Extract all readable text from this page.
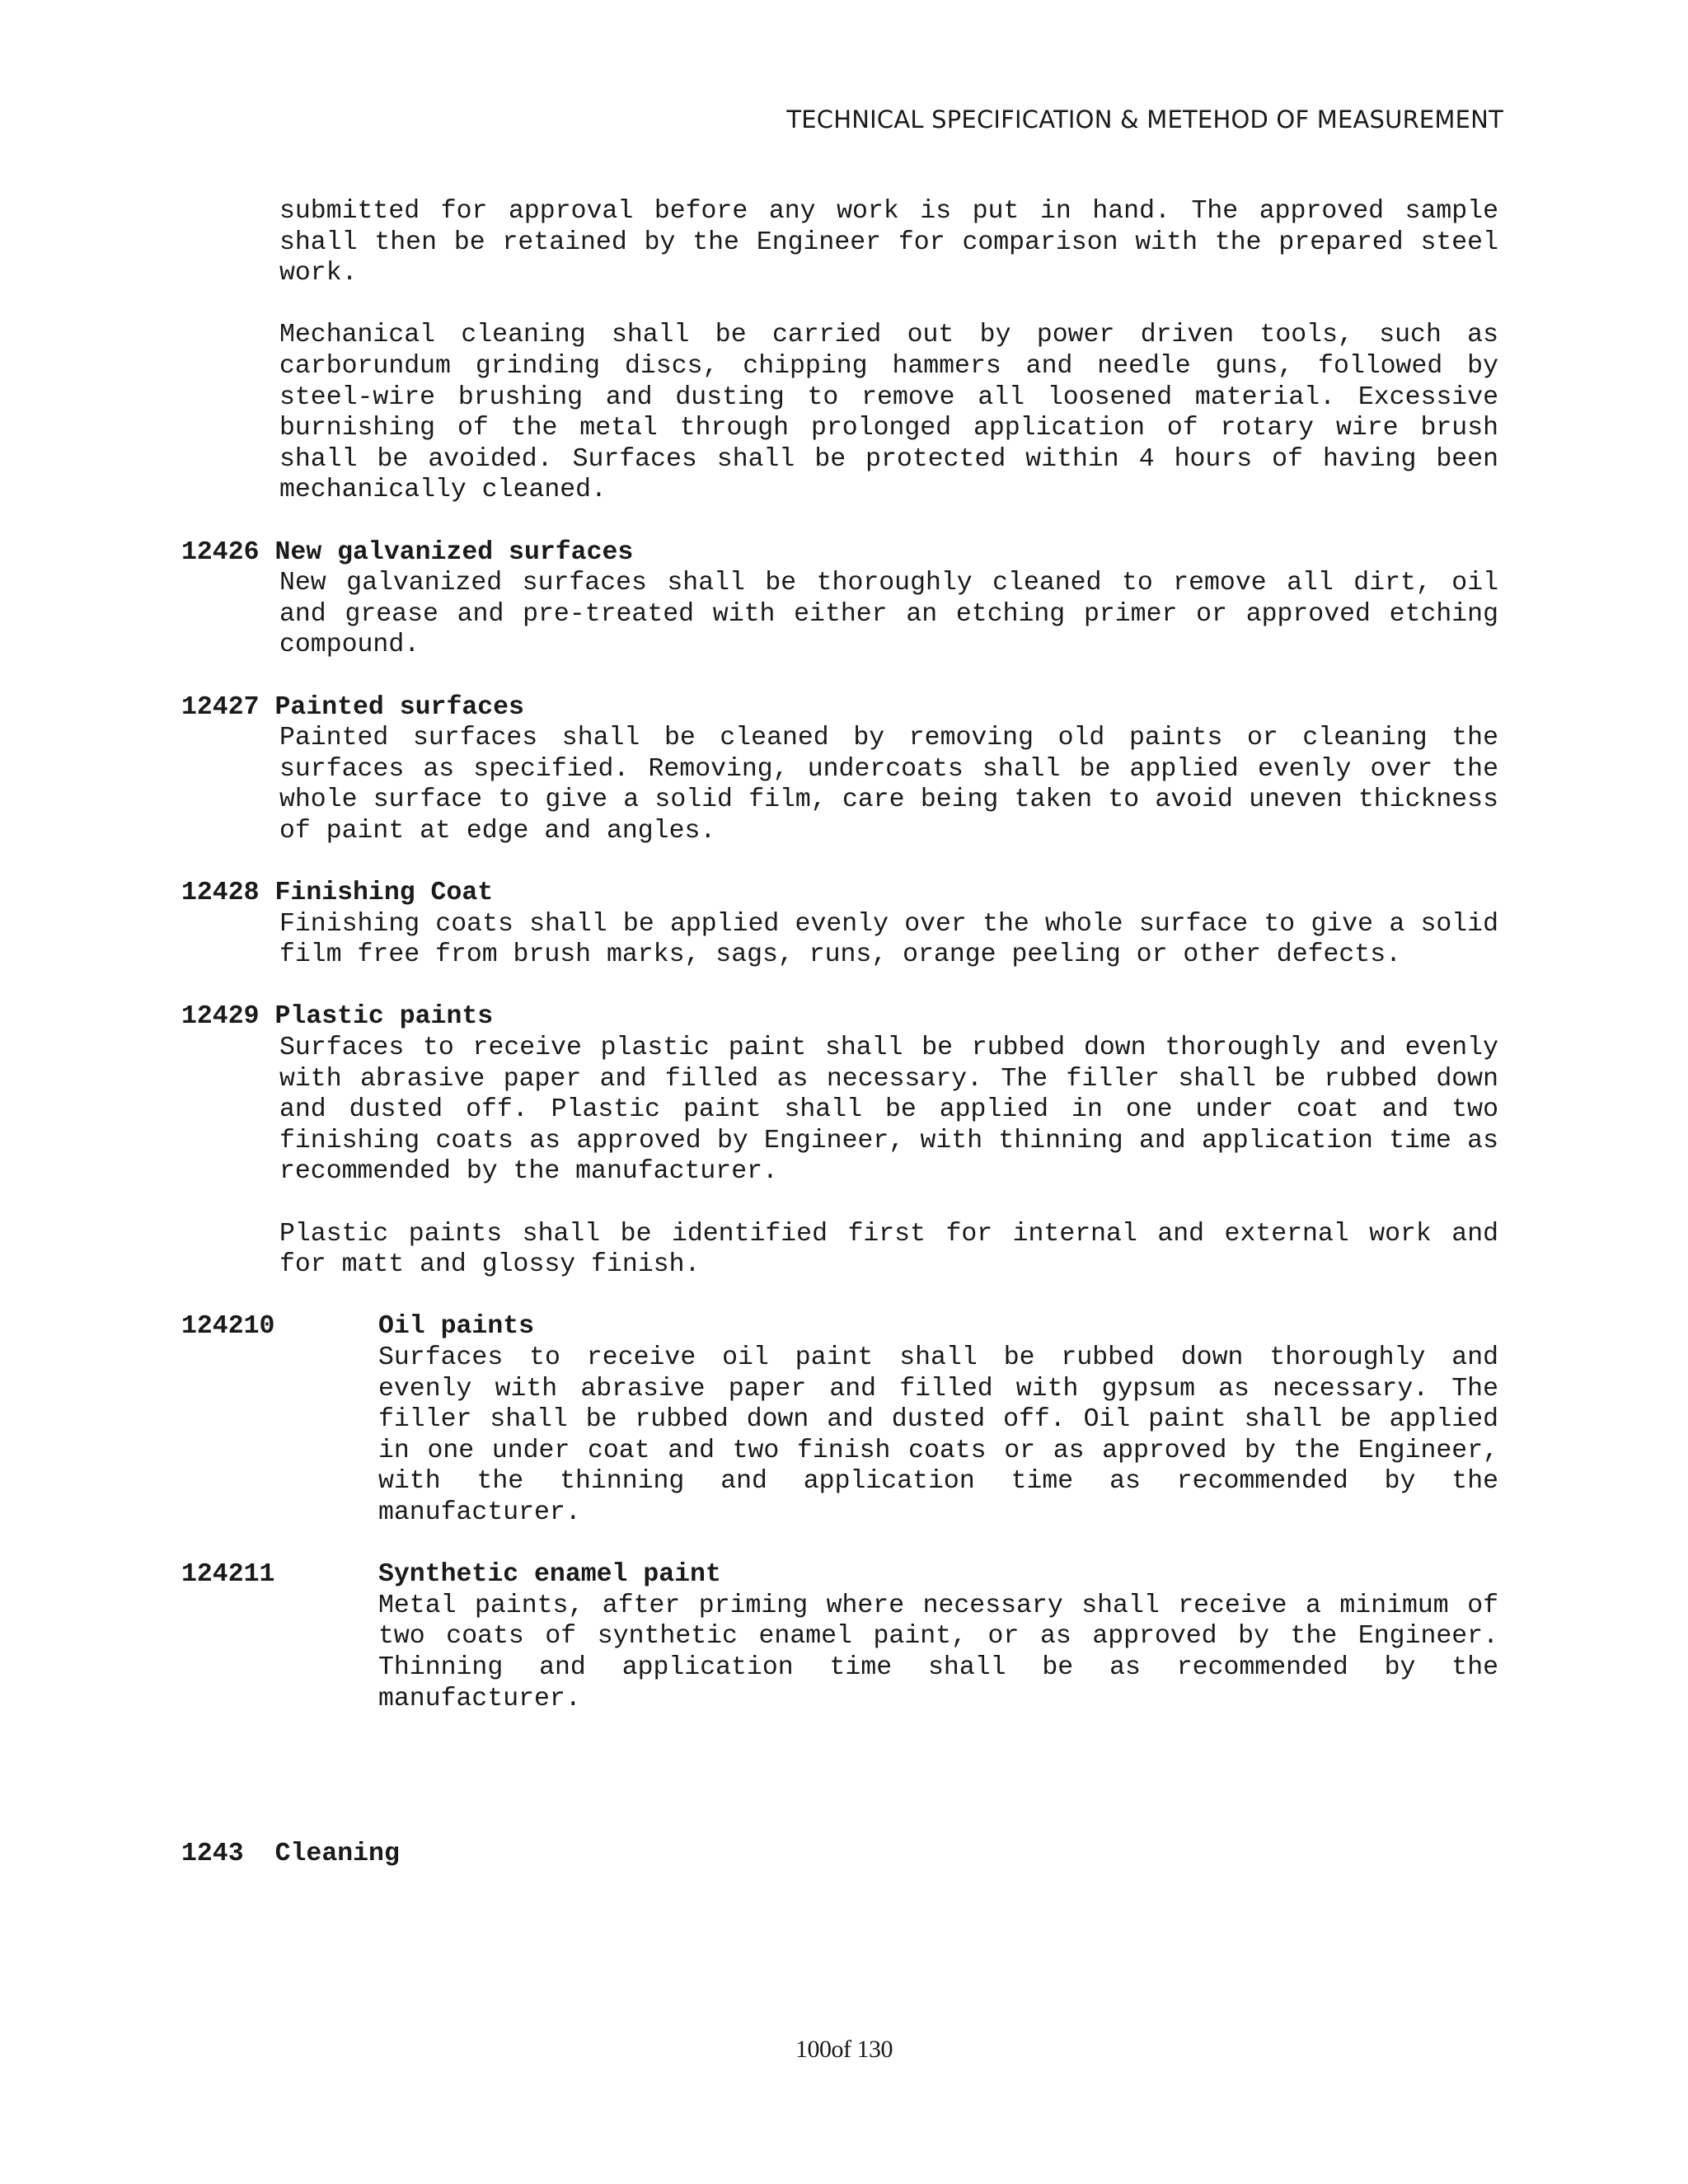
TECHNICAL SPECIFICATION & METEHOD OF MEASUREMENT
submitted for approval before any work is put in hand. The approved sample shall then be retained by the Engineer for comparison with the prepared steel work.
Mechanical cleaning shall be carried out by power driven tools, such as carborundum grinding discs, chipping hammers and needle guns, followed by steel-wire brushing and dusting to remove all loosened material. Excessive burnishing of the metal through prolonged application of rotary wire brush shall be avoided. Surfaces shall be protected within 4 hours of having been mechanically cleaned.
12426 New galvanized surfaces
New galvanized surfaces shall be thoroughly cleaned to remove all dirt, oil and grease and pre-treated with either an etching primer or approved etching compound.
12427 Painted surfaces
Painted surfaces shall be cleaned by removing old paints or cleaning the surfaces as specified. Removing, undercoats shall be applied evenly over the whole surface to give a solid film, care being taken to avoid uneven thickness of paint at edge and angles.
12428 Finishing Coat
Finishing coats shall be applied evenly over the whole surface to give a solid film free from brush marks, sags, runs, orange peeling or other defects.
12429 Plastic paints
Surfaces to receive plastic paint shall be rubbed down thoroughly and evenly with abrasive paper and filled as necessary. The filler shall be rubbed down and dusted off. Plastic paint shall be applied in one under coat and two finishing coats as approved by Engineer, with thinning and application time as recommended by the manufacturer.
Plastic paints shall be identified first for internal and external work and for matt and glossy finish.
124210	Oil paints
Surfaces to receive oil paint shall be rubbed down thoroughly and evenly with abrasive paper and filled with gypsum as necessary. The filler shall be rubbed down and dusted off. Oil paint shall be applied in one under coat and two finish coats or as approved by the Engineer, with the thinning and application time as recommended by the manufacturer.
124211	Synthetic enamel paint
Metal paints, after priming where necessary shall receive a minimum of two coats of synthetic enamel paint, or as approved by the Engineer. Thinning and application time shall be as recommended by the manufacturer.
1243 Cleaning
100of 130
